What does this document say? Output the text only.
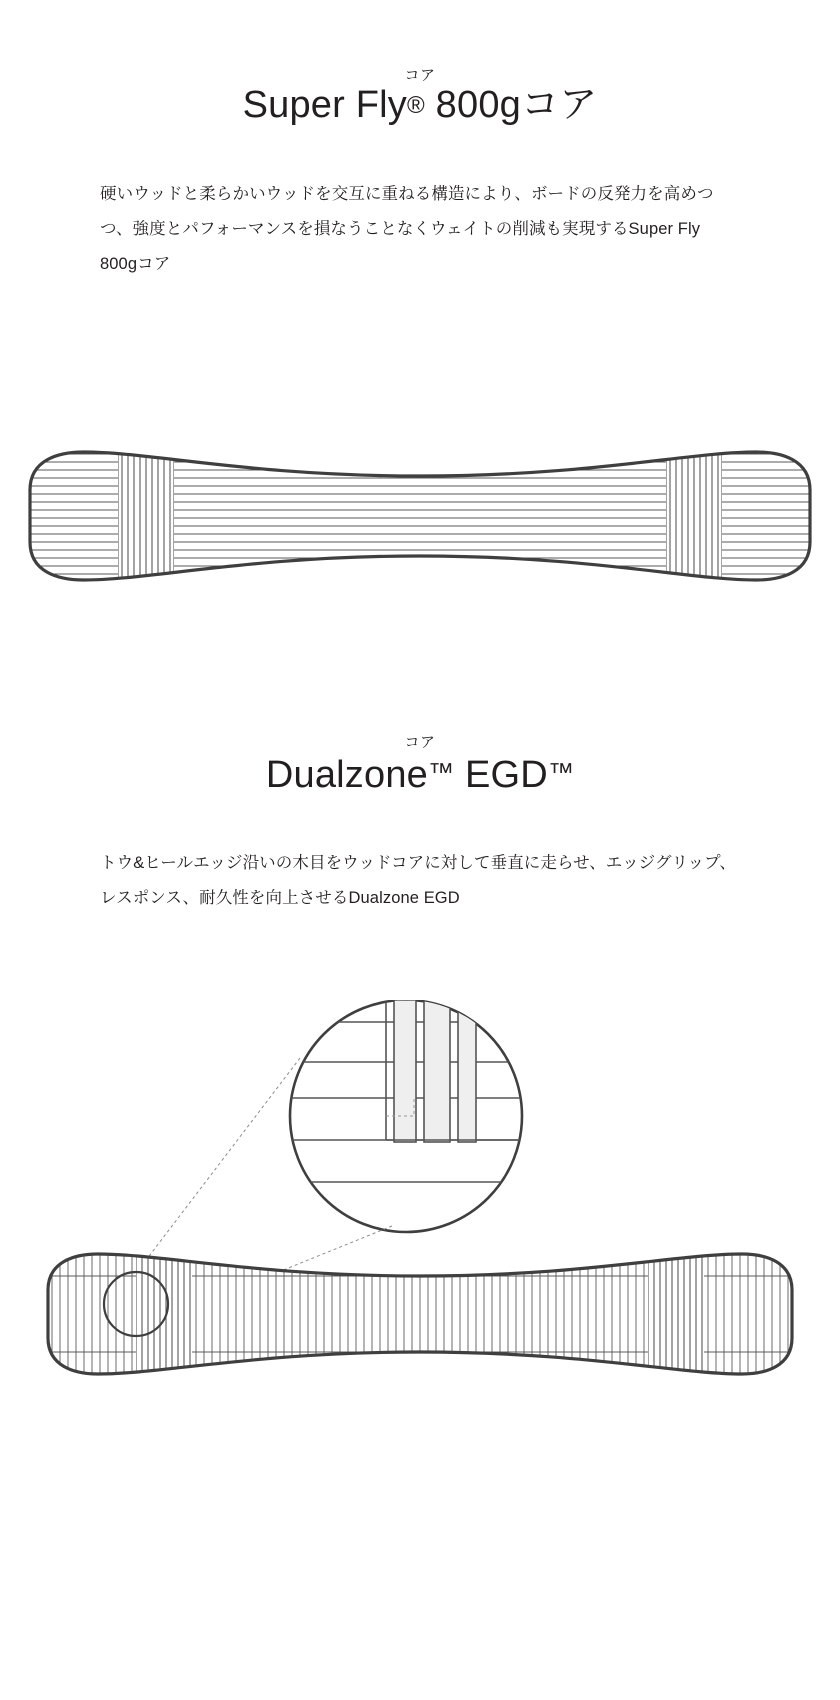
コア
Super Fly® 800gコア
硬いウッドと柔らかいウッドを交互に重ねる構造により、ボードの反発力を高めつつ、強度とパフォーマンスを損なうことなくウェイトの削減も実現するSuper Fly 800gコア
コア
Dualzone™ EGD™
トウ&ヒールエッジ沿いの木目をウッドコアに対して垂直に走らせ、エッジグリップ、レスポンス、耐久性を向上させるDualzone EGD
